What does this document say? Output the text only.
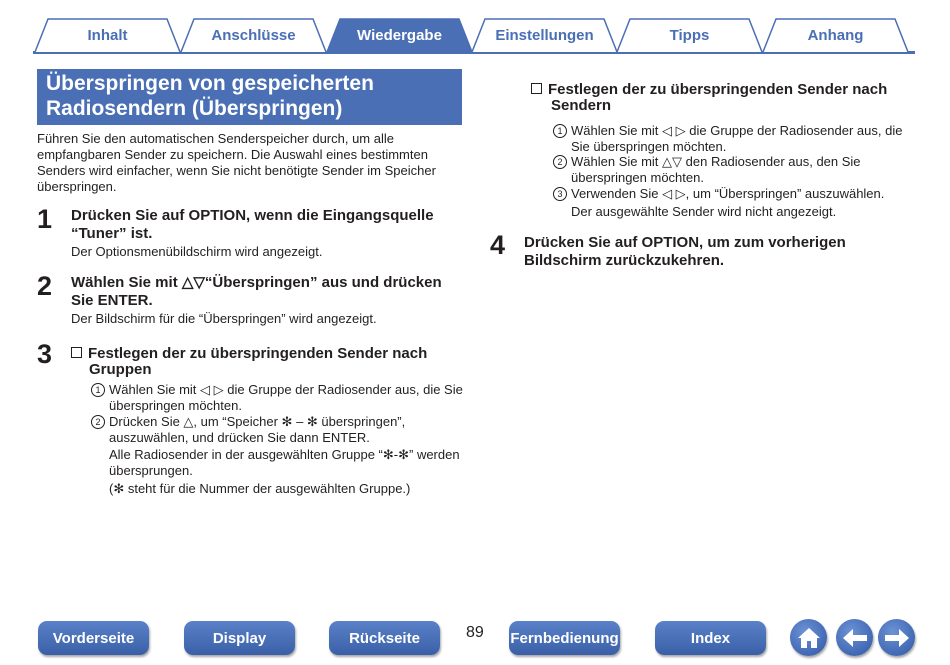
Inhalt	Anschlüsse	Wiedergabe	Einstellungen	Tipps	Anhang
Überspringen von gespeicherten
Radiosendern (Überspringen)
Führen Sie den automatischen Senderspeicher durch, um alle empfangbaren Sender zu speichern. Die Auswahl eines bestimmten Senders wird einfacher, wenn Sie nicht benötigte Sender im Speicher überspringen.
1 Drücken Sie auf OPTION, wenn die Eingangsquelle
“Tuner” ist.
Der Optionsmenübildschirm wird angezeigt.
2 Wählen Sie mit △▽“Überspringen” aus und drücken
Sie ENTER.
Der Bildschirm für die “Überspringen” wird angezeigt.
3	Festlegen der zu überspringenden Sender nach
Gruppen
1 Wählen Sie mit ◁ ▷ die Gruppe der Radiosender aus, die Sie
überspringen möchten.
2 Drücken Sie △, um “Speicher ✻ – ✻ überspringen”,
auszuwählen, und drücken Sie dann ENTER.
Alle Radiosender in der ausgewählten Gruppe “✻-✻” werden
übersprungen.
(✻ steht für die Nummer der ausgewählten Gruppe.)
Festlegen der zu überspringenden Sender nach
Sendern
1 Wählen Sie mit ◁ ▷ die Gruppe der Radiosender aus, die
Sie überspringen möchten.
2 Wählen Sie mit △▽ den Radiosender aus, den Sie
überspringen möchten.
3 Verwenden Sie ◁ ▷, um “Überspringen” auszuwählen.
Der ausgewählte Sender wird nicht angezeigt.
4 Drücken Sie auf OPTION, um zum vorherigen
Bildschirm zurückzukehren.
Vorderseite	Display	Rückseite	89 Fernbedienung	Index
